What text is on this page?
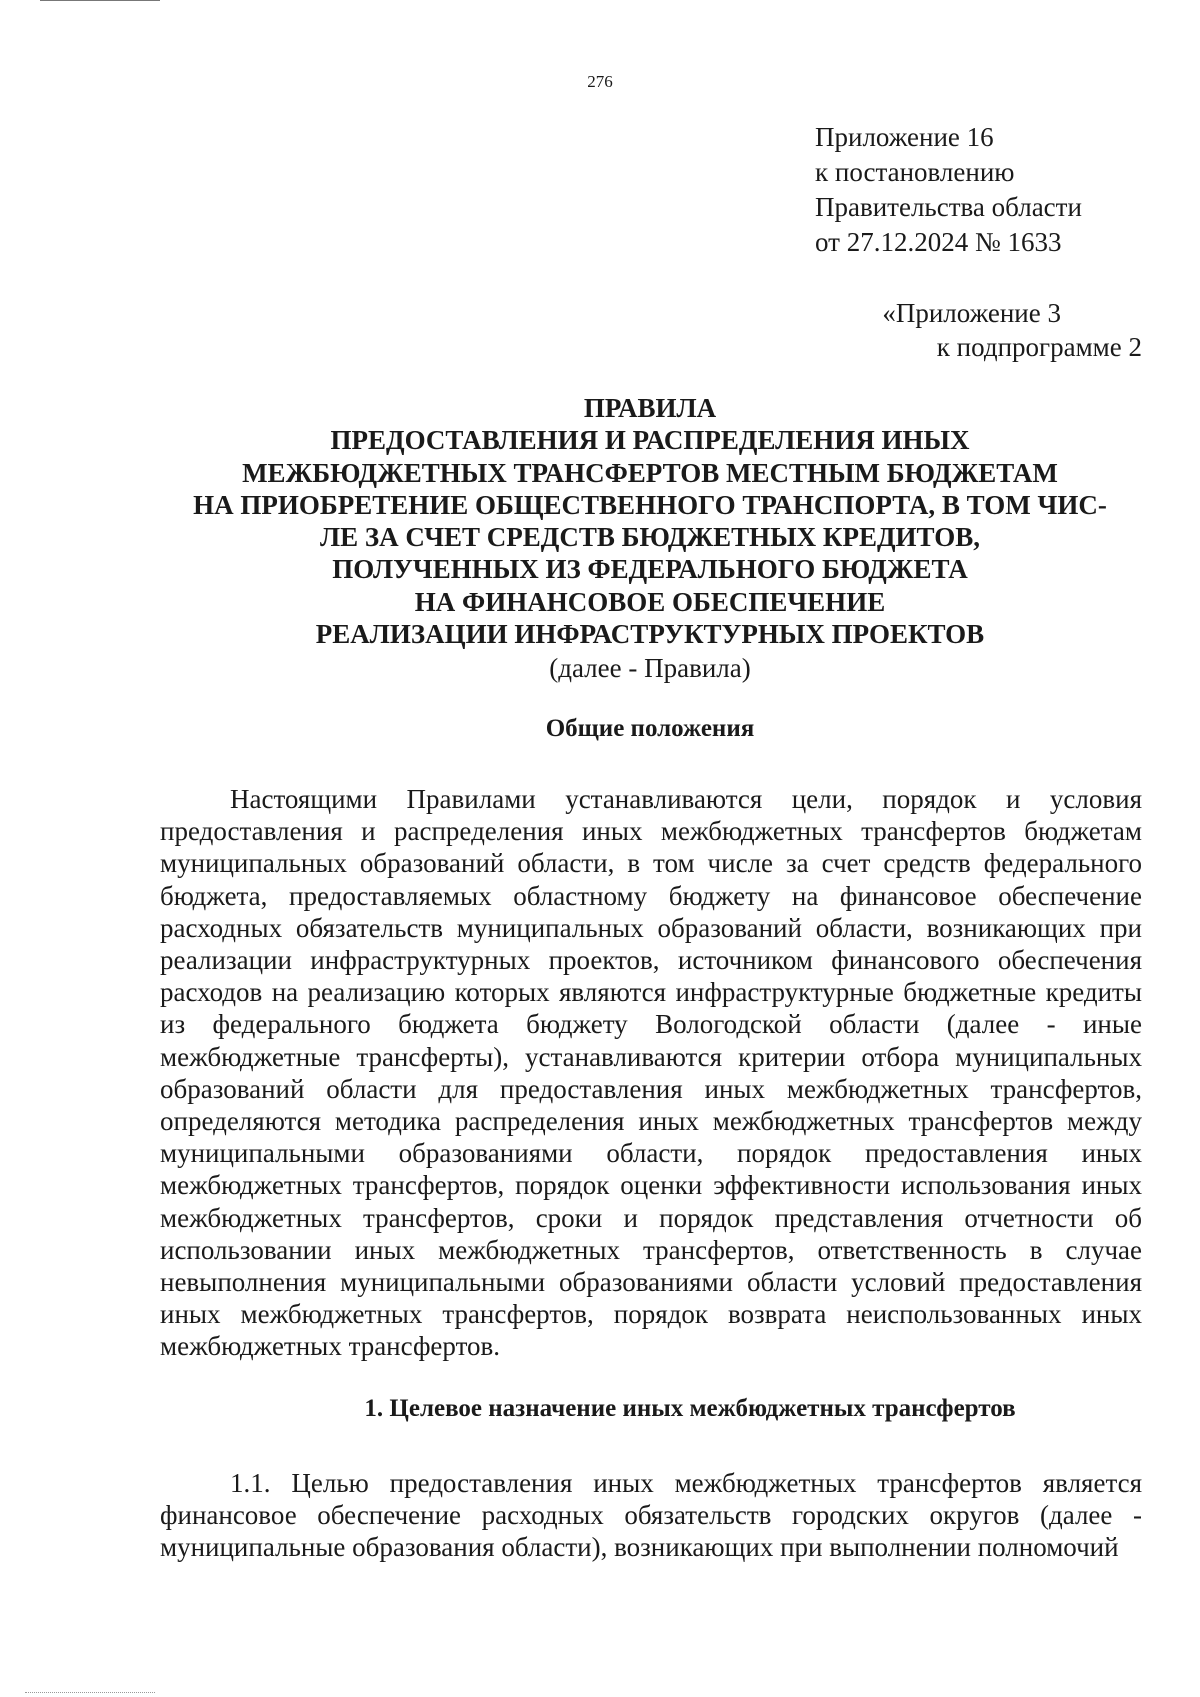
276
Приложение 16
к постановлению
Правительства области
от 27.12.2024 № 1633
«Приложение 3
к подпрограмме 2
ПРАВИЛА
ПРЕДОСТАВЛЕНИЯ И РАСПРЕДЕЛЕНИЯ ИНЫХ
МЕЖБЮДЖЕТНЫХ ТРАНСФЕРТОВ МЕСТНЫМ БЮДЖЕТАМ
НА ПРИОБРЕТЕНИЕ ОБЩЕСТВЕННОГО ТРАНСПОРТА, В ТОМ ЧИС-
ЛЕ ЗА СЧЕТ СРЕДСТВ БЮДЖЕТНЫХ КРЕДИТОВ,
ПОЛУЧЕННЫХ ИЗ ФЕДЕРАЛЬНОГО БЮДЖЕТА
НА ФИНАНСОВОЕ ОБЕСПЕЧЕНИЕ
РЕАЛИЗАЦИИ ИНФРАСТРУКТУРНЫХ ПРОЕКТОВ
(далее - Правила)
Общие положения
Настоящими Правилами устанавливаются цели, порядок и условия предоставления и распределения иных межбюджетных трансфертов бюджетам муниципальных образований области, в том числе за счет средств федерального бюджета, предоставляемых областному бюджету на финансовое обеспечение расходных обязательств муниципальных образований области, возникающих при реализации инфраструктурных проектов, источником финансового обеспечения расходов на реализацию которых являются инфраструктурные бюджетные кредиты из федерального бюджета бюджету Вологодской области (далее - иные межбюджетные трансферты), устанавливаются критерии отбора муниципальных образований области для предоставления иных межбюджетных трансфертов, определяются методика распределения иных межбюджетных трансфертов между муниципальными образованиями области, порядок предоставления иных межбюджетных трансфертов, порядок оценки эффективности использования иных межбюджетных трансфертов, сроки и порядок представления отчетности об использовании иных межбюджетных трансфертов, ответственность в случае невыполнения муниципальными образованиями области условий предоставления иных межбюджетных трансфертов, порядок возврата неиспользованных иных межбюджетных трансфертов.
1. Целевое назначение иных межбюджетных трансфертов
1.1. Целью предоставления иных межбюджетных трансфертов является финансовое обеспечение расходных обязательств городских округов (далее - муниципальные образования области), возникающих при выполнении полномочий
